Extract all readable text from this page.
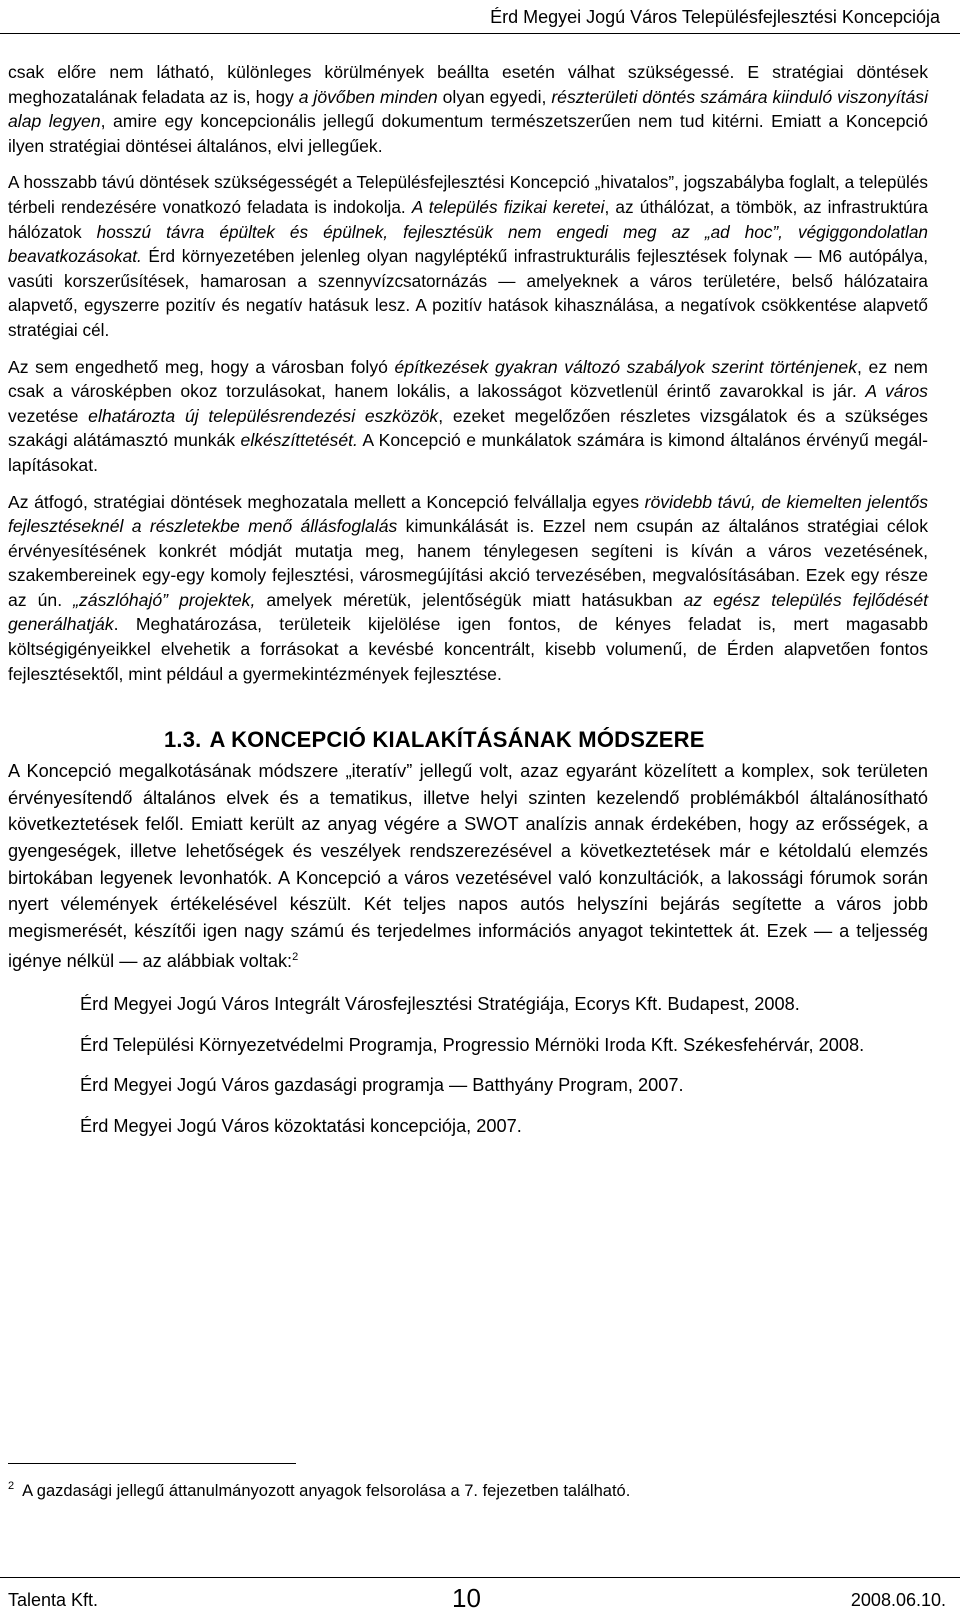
Érd Megyei Jogú Város Településfejlesztési Koncepciója

csak előre nem látható, különleges körülmények beállta esetén válhat szükségessé. E stratégiai döntések meghozatalának feladata az is, hogy a jövőben minden olyan egyedi, részterületi döntés számára kiinduló viszonyítási alap legyen, amire egy koncepcionális jellegű dokumentum természetszerűen nem tud kitérni. Emiatt a Koncepció ilyen stratégiai döntései általános, elvi jellegűek.

A hosszabb távú döntések szükségességét a Településfejlesztési Koncepció „hivatalos”, jogszabályba foglalt, a település térbeli rendezésére vonatkozó feladata is indokolja. A település fizikai keretei, az úthálózat, a tömbök, az infrastruktúra hálózatok hosszú távra épültek és épülnek, fejlesztésük nem engedi meg az „ad hoc”, végiggondolatlan beavatkozásokat. Érd környezetében jelenleg olyan nagyléptékű infrastrukturális fejlesztések folynak — M6 autópálya, vasúti korszerűsítések, hamarosan a szennyvízcsatornázás — amelyeknek a város területére, belső hálózataira alapvető, egyszerre pozitív és negatív hatásuk lesz. A pozitív hatások kihasználása, a negatívok csökkentése alapvető stratégiai cél.

Az sem engedhető meg, hogy a városban folyó építkezések gyakran változó szabályok szerint történjenek, ez nem csak a városképben okoz torzulásokat, hanem lokális, a lakosságot közvetlenül érintő zavarokkal is jár. A város vezetése elhatározta új településrendezési eszközök, ezeket megelőzően részletes vizsgálatok és a szükséges szakági alátámasztó munkák elkészíttetését. A Koncepció e munkálatok számára is kimond általános érvényű megállapításokat.

Az átfogó, stratégiai döntések meghozatala mellett a Koncepció felvállalja egyes rövidebb távú, de kiemelten jelentős fejlesztéseknél a részletekbe menő állásfoglalás kimunkálását is. Ezzel nem csupán az általános stratégiai célok érvényesítésének konkrét módját mutatja meg, hanem ténylegesen segíteni is kíván a város vezetésének, szakembereinek egy-egy komoly fejlesztési, városmegújítási akció tervezésében, megvalósításában. Ezek egy része az ún. „zászlóhajó” projektek, amelyek méretük, jelentőségük miatt hatásukban az egész település fejlődését generálhatják. Meghatározása, területeik kijelölése igen fontos, de kényes feladat is, mert magasabb költségigényeikkel elvehetik a forrásokat a kevésbé koncentrált, kisebb volumenű, de Érden alapvetően fontos fejlesztésektől, mint például a gyermekintézmények fejlesztése.

1.3. A KONCEPCIÓ KIALAKÍTÁSÁNAK MÓDSZERE

A Koncepció megalkotásának módszere „iteratív” jellegű volt, azaz egyaránt közelített a komplex, sok területen érvényesítendő általános elvek és a tematikus, illetve helyi szinten kezelendő problémákból általánosítható következtetések felől. Emiatt került az anyag végére a SWOT analízis annak érdekében, hogy az erősségek, a gyengeségek, illetve lehetőségek és veszélyek rendszerezésével a következtetések már e kétoldalú elemzés birtokában legyenek levonhatók. A Koncepció a város vezetésével való konzultációk, a lakossági fórumok során nyert vélemények értékelésével készült. Két teljes napos autós helyszíni bejárás segítette a város jobb megismerését, készítői igen nagy számú és terjedelmes információs anyagot tekintettek át. Ezek — a teljesség igénye nélkül — az alábbiak voltak:$^2$

Érd Megyei Jogú Város Integrált Városfejlesztési Stratégiája, Ecorys Kft. Budapest, 2008.
Érd Települési Környezetvédelmi Programja, Progressio Mérnöki Iroda Kft. Székesfehérvár, 2008.
Érd Megyei Jogú Város gazdasági programja — Batthyány Program, 2007.
Érd Megyei Jogú Város közoktatási koncepciója, 2007.
$^2$ A gazdasági jellegű áttanulmányozott anyagok felsorolása a 7. fejezetben található.
Talenta Kft.	10	2008.06.10.
